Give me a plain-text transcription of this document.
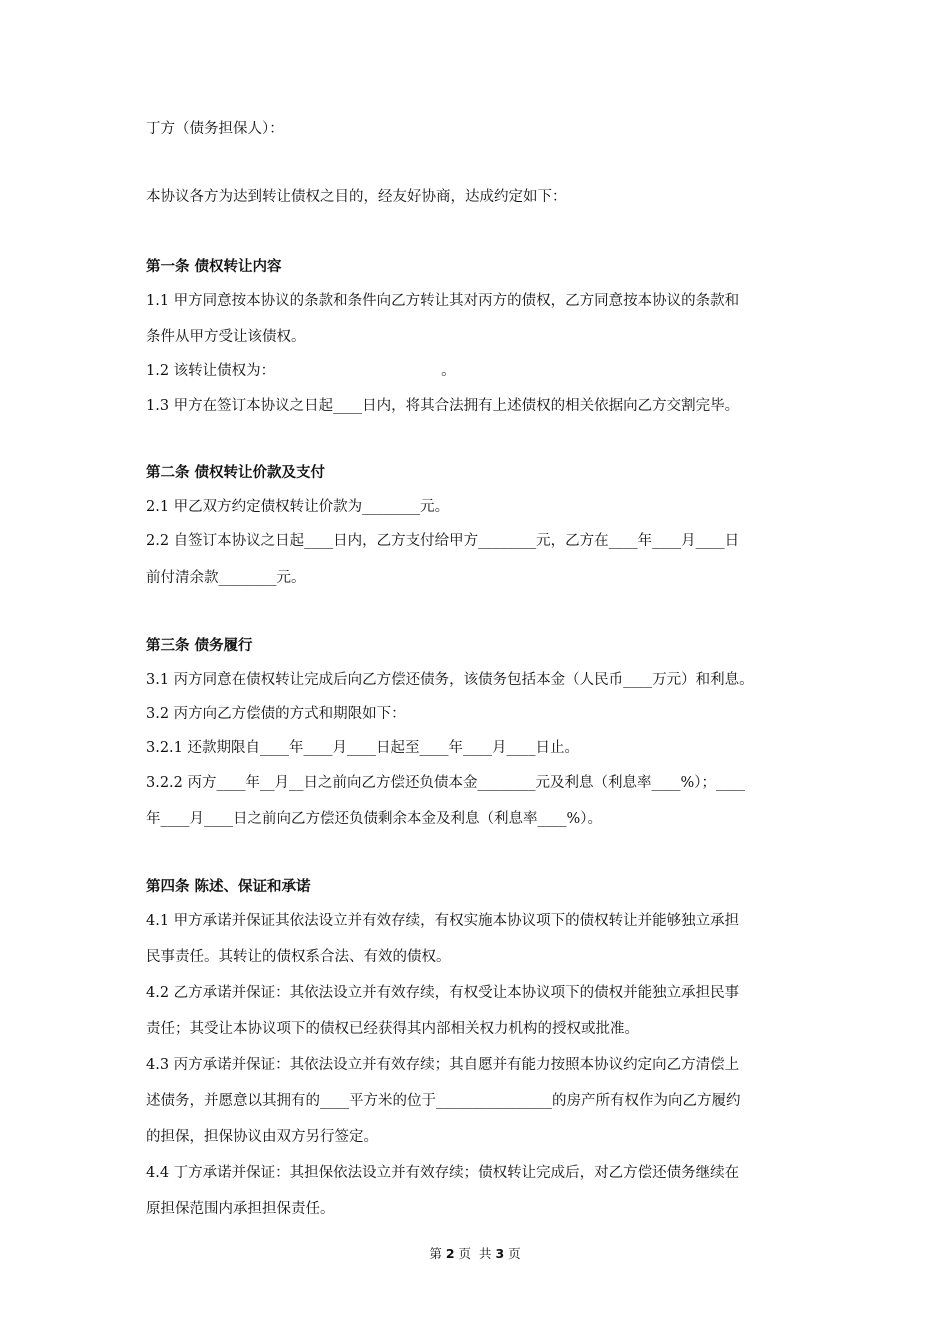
丁方（债务担保人）：
本协议各方为达到转让债权之目的，经友好协商，达成约定如下：
第一条 债权转让内容
1.1 甲方同意按本协议的条款和条件向乙方转让其对丙方的债权，乙方同意按本协议的条款和
条件从甲方受让该债权。
1.2 该转让债权为：                                    。
1.3 甲方在签订本协议之日起____日内，将其合法拥有上述债权的相关依据向乙方交割完毕。
第二条 债权转让价款及支付
2.1 甲乙双方约定债权转让价款为________元。
2.2 自签订本协议之日起____日内，乙方支付给甲方________元，乙方在____年____月____日
前付清余款________元。
第三条 债务履行
3.1 丙方同意在债权转让完成后向乙方偿还债务，该债务包括本金（人民币____万元）和利息。
3.2 丙方向乙方偿债的方式和期限如下：
3.2.1 还款期限自____年____月____日起至____年____月____日止。
3.2.2 丙方____年__月__日之前向乙方偿还负债本金________元及利息（利息率____%）；____
年____月____日之前向乙方偿还负债剩余本金及利息（利息率____%）。
第四条 陈述、保证和承诺
4.1 甲方承诺并保证其依法设立并有效存续，有权实施本协议项下的债权转让并能够独立承担
民事责任。其转让的债权系合法、有效的债权。
4.2 乙方承诺并保证：其依法设立并有效存续，有权受让本协议项下的债权并能独立承担民事
责任；其受让本协议项下的债权已经获得其内部相关权力机构的授权或批准。
4.3 丙方承诺并保证：其依法设立并有效存续；其自愿并有能力按照本协议约定向乙方清偿上
述债务，并愿意以其拥有的____平方米的位于________________的房产所有权作为向乙方履约
的担保，担保协议由双方另行签定。
4.4 丁方承诺并保证：其担保依法设立并有效存续；债权转让完成后，对乙方偿还债务继续在
原担保范围内承担担保责任。
第 2 页  共 3 页
